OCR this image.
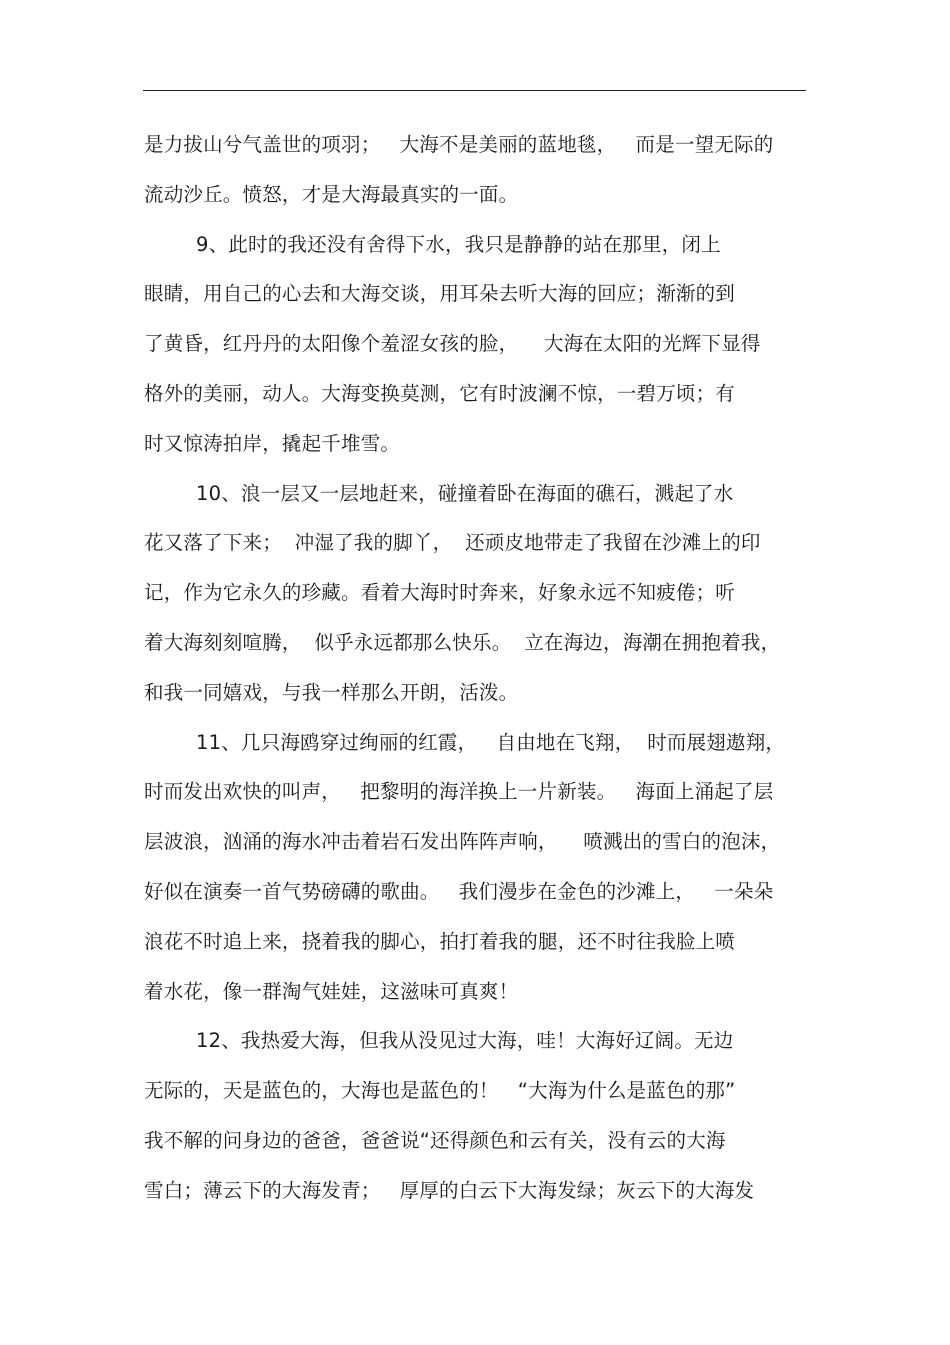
是力拔山兮气盖世的项羽；   大海不是美丽的蓝地毯，   而是一望无际的
流动沙丘。愤怒，才是大海最真实的一面。
9、此时的我还没有舍得下水，我只是静静的站在那里，闭上
眼睛，用自己的心去和大海交谈，用耳朵去听大海的回应；渐渐的到
了黄昏，红丹丹的太阳像个羞涩女孩的脸，    大海在太阳的光辉下显得
格外的美丽，动人。大海变换莫测，它有时波澜不惊，一碧万顷；有
时又惊涛拍岸，撬起千堆雪。
10、浪一层又一层地赶来，碰撞着卧在海面的礁石，溅起了水
花又落了下来；  冲湿了我的脚丫，  还顽皮地带走了我留在沙滩上的印
记，作为它永久的珍藏。看着大海时时奔来，好象永远不知疲倦；听
着大海刻刻喧腾，  似乎永远都那么快乐。  立在海边，海潮在拥抱着我，
和我一同嬉戏，与我一样那么开朗，活泼。
11、几只海鸥穿过绚丽的红霞，   自由地在飞翔，  时而展翅遨翔，
时而发出欢快的叫声，   把黎明的海洋换上一片新装。   海面上涌起了层
层波浪，汹涌的海水冲击着岩石发出阵阵声响，    喷溅出的雪白的泡沫，
好似在演奏一首气势磅礴的歌曲。   我们漫步在金色的沙滩上，   一朵朵
浪花不时追上来，挠着我的脚心，拍打着我的腿，还不时往我脸上喷
着水花，像一群淘气娃娃，这滋味可真爽！
12、我热爱大海，但我从没见过大海，哇！大海好辽阔。无边
无际的，天是蓝色的，大海也是蓝色的！   “大海为什么是蓝色的那”
我不解的问身边的爸爸，爸爸说“还得颜色和云有关，没有云的大海
雪白；薄云下的大海发青；   厚厚的白云下大海发绿；灰云下的大海发
